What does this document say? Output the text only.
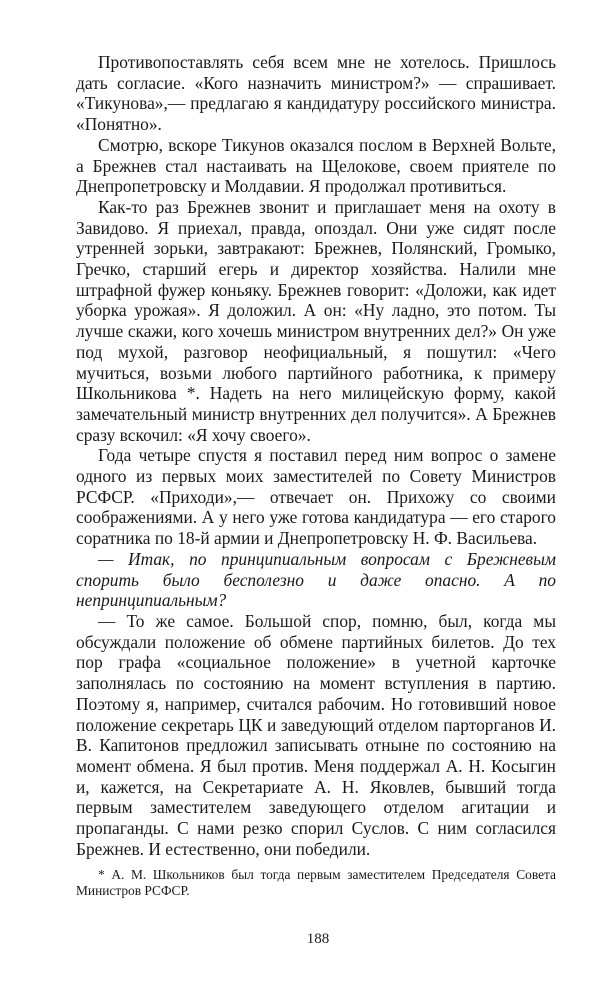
Противопоставлять себя всем мне не хотелось. Пришлось дать согласие. «Кого назначить министром?» — спрашивает. «Тикунова»,— предлагаю я кандидатуру российского министра. «Понятно».

Смотрю, вскоре Тикунов оказался послом в Верхней Вольте, а Брежнев стал настаивать на Щелокове, своем приятеле по Днепропетровску и Молдавии. Я продолжал противиться.

Как-то раз Брежнев звонит и приглашает меня на охоту в Завидово. Я приехал, правда, опоздал. Они уже сидят после утренней зорьки, завтракают: Брежнев, Полянский, Громыко, Гречко, старший егерь и директор хозяйства. Налили мне штрафной фужер коньяку. Брежнев говорит: «Доложи, как идет уборка урожая». Я доложил. А он: «Ну ладно, это потом. Ты лучше скажи, кого хочешь министром внутренних дел?» Он уже под мухой, разговор неофициальный, я пошутил: «Чего мучиться, возьми любого партийного работника, к примеру Школьникова *. Надеть на него милицейскую форму, какой замечательный министр внутренних дел получится». А Брежнев сразу вскочил: «Я хочу своего».

Года четыре спустя я поставил перед ним вопрос о замене одного из первых моих заместителей по Совету Министров РСФСР. «Приходи»,— отвечает он. Прихожу со своими соображениями. А у него уже готова кандидатура — его старого соратника по 18-й армии и Днепропетровску Н. Ф. Васильева.

— Итак, по принципиальным вопросам с Брежневым спорить было бесполезно и даже опасно. А по непринципиальным?

— То же самое. Большой спор, помню, был, когда мы обсуждали положение об обмене партийных билетов. До тех пор графа «социальное положение» в учетной карточке заполнялась по состоянию на момент вступления в партию. Поэтому я, например, считался рабочим. Но готовивший новое положение секретарь ЦК и заведующий отделом парторганов И. В. Капитонов предложил записывать отныне по состоянию на момент обмена. Я был против. Меня поддержал А. Н. Косыгин и, кажется, на Секретариате А. Н. Яковлев, бывший тогда первым заместителем заведующего отделом агитации и пропаганды. С нами резко спорил Суслов. С ним согласился Брежнев. И естественно, они победили.

* А. М. Школьников был тогда первым заместителем Председателя Совета Министров РСФСР.

188
